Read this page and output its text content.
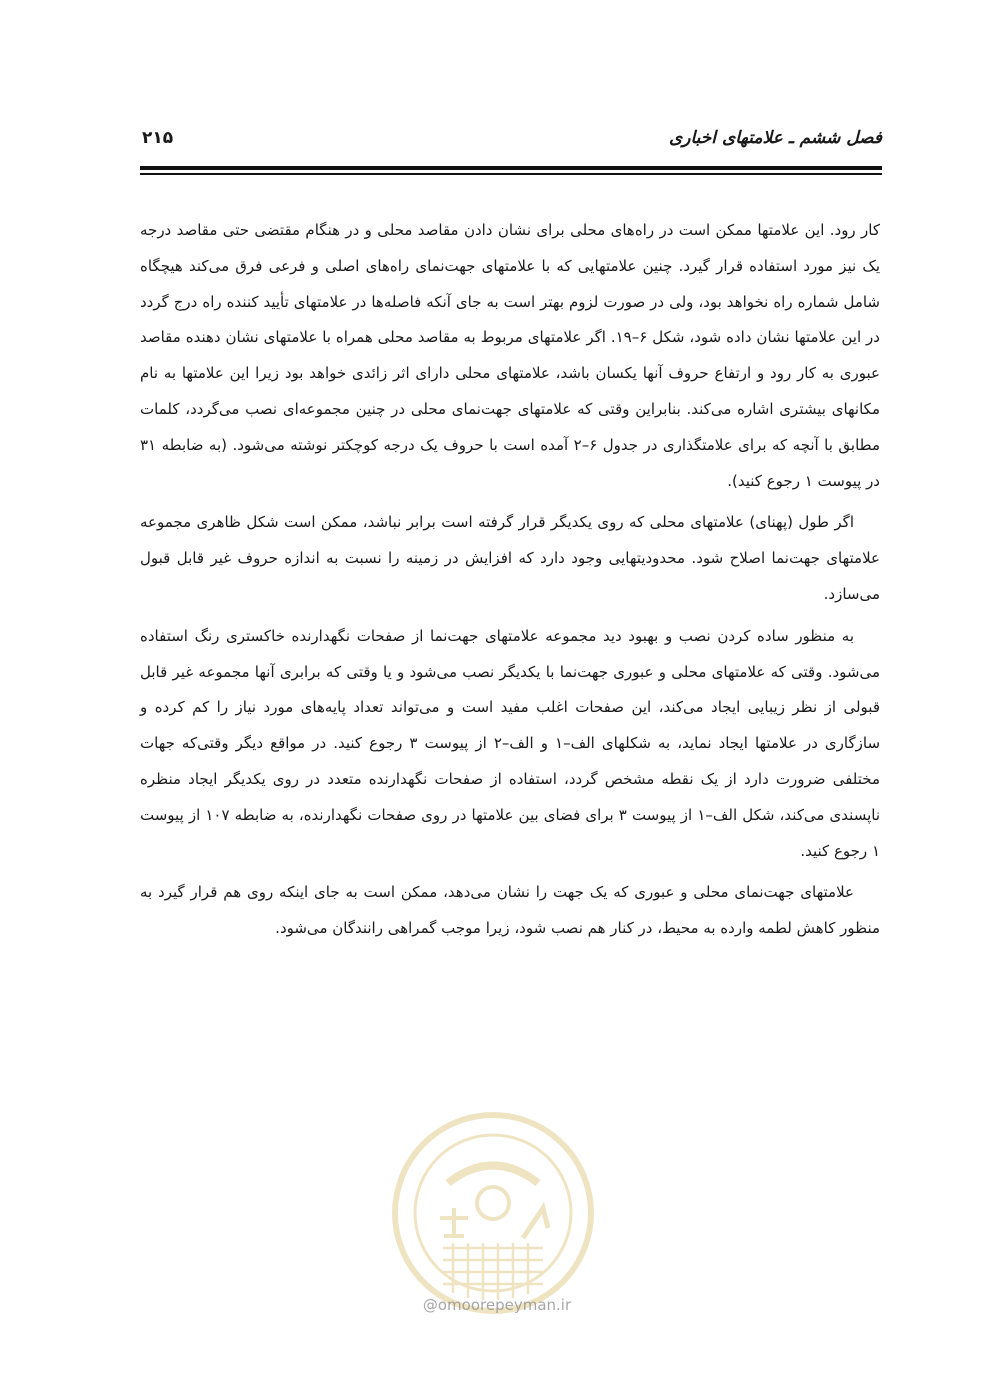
فصل ششم ـ علامتهای اخباری
۲۱۵

کار رود. این علامتها ممکن است در راه‌های محلی برای نشان دادن مقاصد محلی و در هنگام مقتضی حتی مقاصد درجه یک نیز مورد استفاده قرار گیرد. چنین علامتهایی که با علامتهای جهت‌نمای راه‌های اصلی و فرعی فرق می‌کند هیچگاه شامل شماره راه نخواهد بود، ولی در صورت لزوم بهتر است به جای آنکه فاصله‌ها در علامتهای تأیید کننده راه درج گردد در این علامتها نشان داده شود، شکل ۶–۱۹. اگر علامتهای مربوط به مقاصد محلی همراه با علامتهای نشان دهنده مقاصد عبوری به کار رود و ارتفاع حروف آنها یکسان باشد، علامتهای محلی دارای اثر زائدی خواهد بود زیرا این علامتها به نام مکانهای بیشتری اشاره می‌کند. بنابراین وقتی که علامتهای جهت‌نمای محلی در چنین مجموعه‌ای نصب می‌گردد، کلمات مطابق با آنچه که برای علامتگذاری در جدول ۶–۲ آمده است با حروف یک درجه کوچکتر نوشته می‌شود. (به ضابطه ۳۱ در پیوست ۱ رجوع کنید).

اگر طول (پهنای) علامتهای محلی که روی یکدیگر قرار گرفته است برابر نباشد، ممکن است شکل ظاهری مجموعه علامتهای جهت‌نما اصلاح شود. محدودیتهایی وجود دارد که افزایش در زمینه را نسبت به اندازه حروف غیر قابل قبول می‌سازد.

به منظور ساده کردن نصب و بهبود دید مجموعه علامتهای جهت‌نما از صفحات نگهدارنده خاکستری رنگ استفاده می‌شود. وقتی که علامتهای محلی و عبوری جهت‌نما با یکدیگر نصب می‌شود و یا وقتی که برابری آنها مجموعه غیر قابل قبولی از نظر زیبایی ایجاد می‌کند، این صفحات اغلب مفید است و می‌تواند تعداد پایه‌های مورد نیاز را کم کرده و سازگاری در علامتها ایجاد نماید، به شکلهای الف–۱ و الف–۲ از پیوست ۳ رجوع کنید. در مواقع دیگر وقتی‌که جهات مختلفی ضرورت دارد از یک نقطه مشخص گردد، استفاده از صفحات نگهدارنده متعدد در روی یکدیگر ایجاد منظره ناپسندی می‌کند، شکل الف–۱ از پیوست ۳ برای فضای بین علامتها در روی صفحات نگهدارنده، به ضابطه ۱۰۷ از پیوست ۱ رجوع کنید.

علامتهای جهت‌نمای محلی و عبوری که یک جهت را نشان می‌دهد، ممکن است به جای اینکه روی هم قرار گیرد به منظور کاهش لطمه وارده به محیط، در کنار هم نصب شود، زیرا موجب گمراهی رانندگان می‌شود.

@omoorepeyman.ir
